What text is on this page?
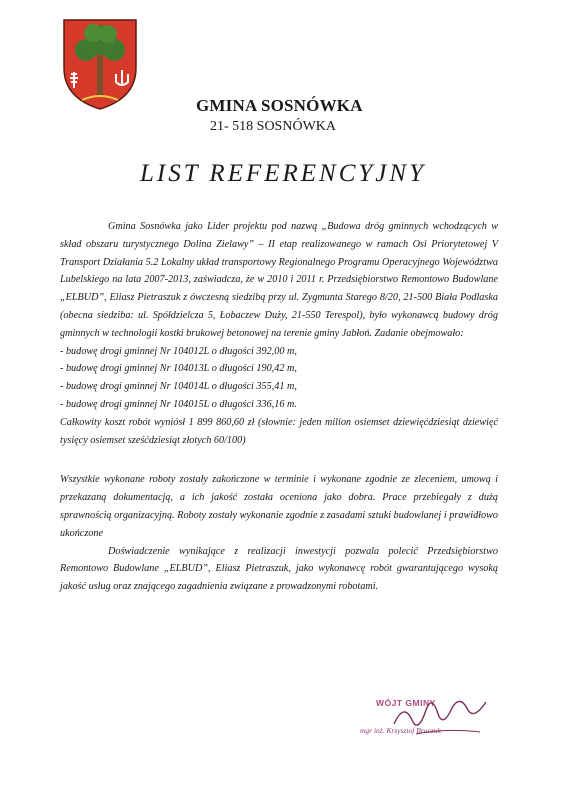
GMINA SOSNÓWKA
21- 518 SOSNÓWKA
LIST REFERENCYJNY

Gmina Sosnówka jako Lider projektu pod nazwą „Budowa dróg gminnych wchodzących w skład obszaru turystycznego Dolina Zielawy” – II etap realizowanego w ramach Osi Priorytetowej V Transport Działania 5.2 Lokalny układ transportowy Regionalnego Programu Operacyjnego Województwa Lubelskiego na lata 2007-2013, zaświadcza, że w 2010 i 2011 r. Przedsiębiorstwo Remontowo Budowlane „ELBUD”, Eliasz Pietraszuk z ówczesną siedzibą przy ul. Zygmunta Starego 8/20, 21-500 Biała Podlaska (obecna siedziba: ul. Spółdzielcza 5, Łobaczew Duży, 21-550 Terespol), było wykonawcą budowy dróg gminnych w technologii kostki brukowej betonowej na terenie gminy Jabłoń. Zadanie obejmowało:

- budowę drogi gminnej Nr 104012L o długości 392,00 m,

- budowę drogi gminnej Nr 104013L o długości 190,42 m,

- budowę drogi gminnej Nr 104014L o długości 355,41 m,

- budowę drogi gminnej Nr 104015L o długości 336,16 m.

Całkowity koszt robót wyniósł 1 899 860,60 zł (słownie: jeden milion osiemset dziewięćdziesiąt dziewięć tysięcy osiemset sześćdziesiąt złotych 60/100)

Wszystkie wykonane roboty zostały zakończone w terminie i wykonane zgodnie ze zleceniem, umową i przekazaną dokumentacją, a ich jakość została oceniona jako dobra. Prace przebiegały z dużą sprawnością organizacyjną. Roboty zostały wykonanie zgodnie z zasadami sztuki budowlanej i prawidłowo ukończone

Doświadczenie wynikające z realizacji inwestycji pozwala polecić Przedsiębiorstwo Remontowo Budowlane „ELBUD”, Eliasz Pietraszuk, jako wykonawcę robót gwarantującego wysoką jakość usług oraz znającego zagadnienia związane z prowadzonymi robotami.

WÓJT GMINY
mgr inż. Krzysztof Bruczuk
